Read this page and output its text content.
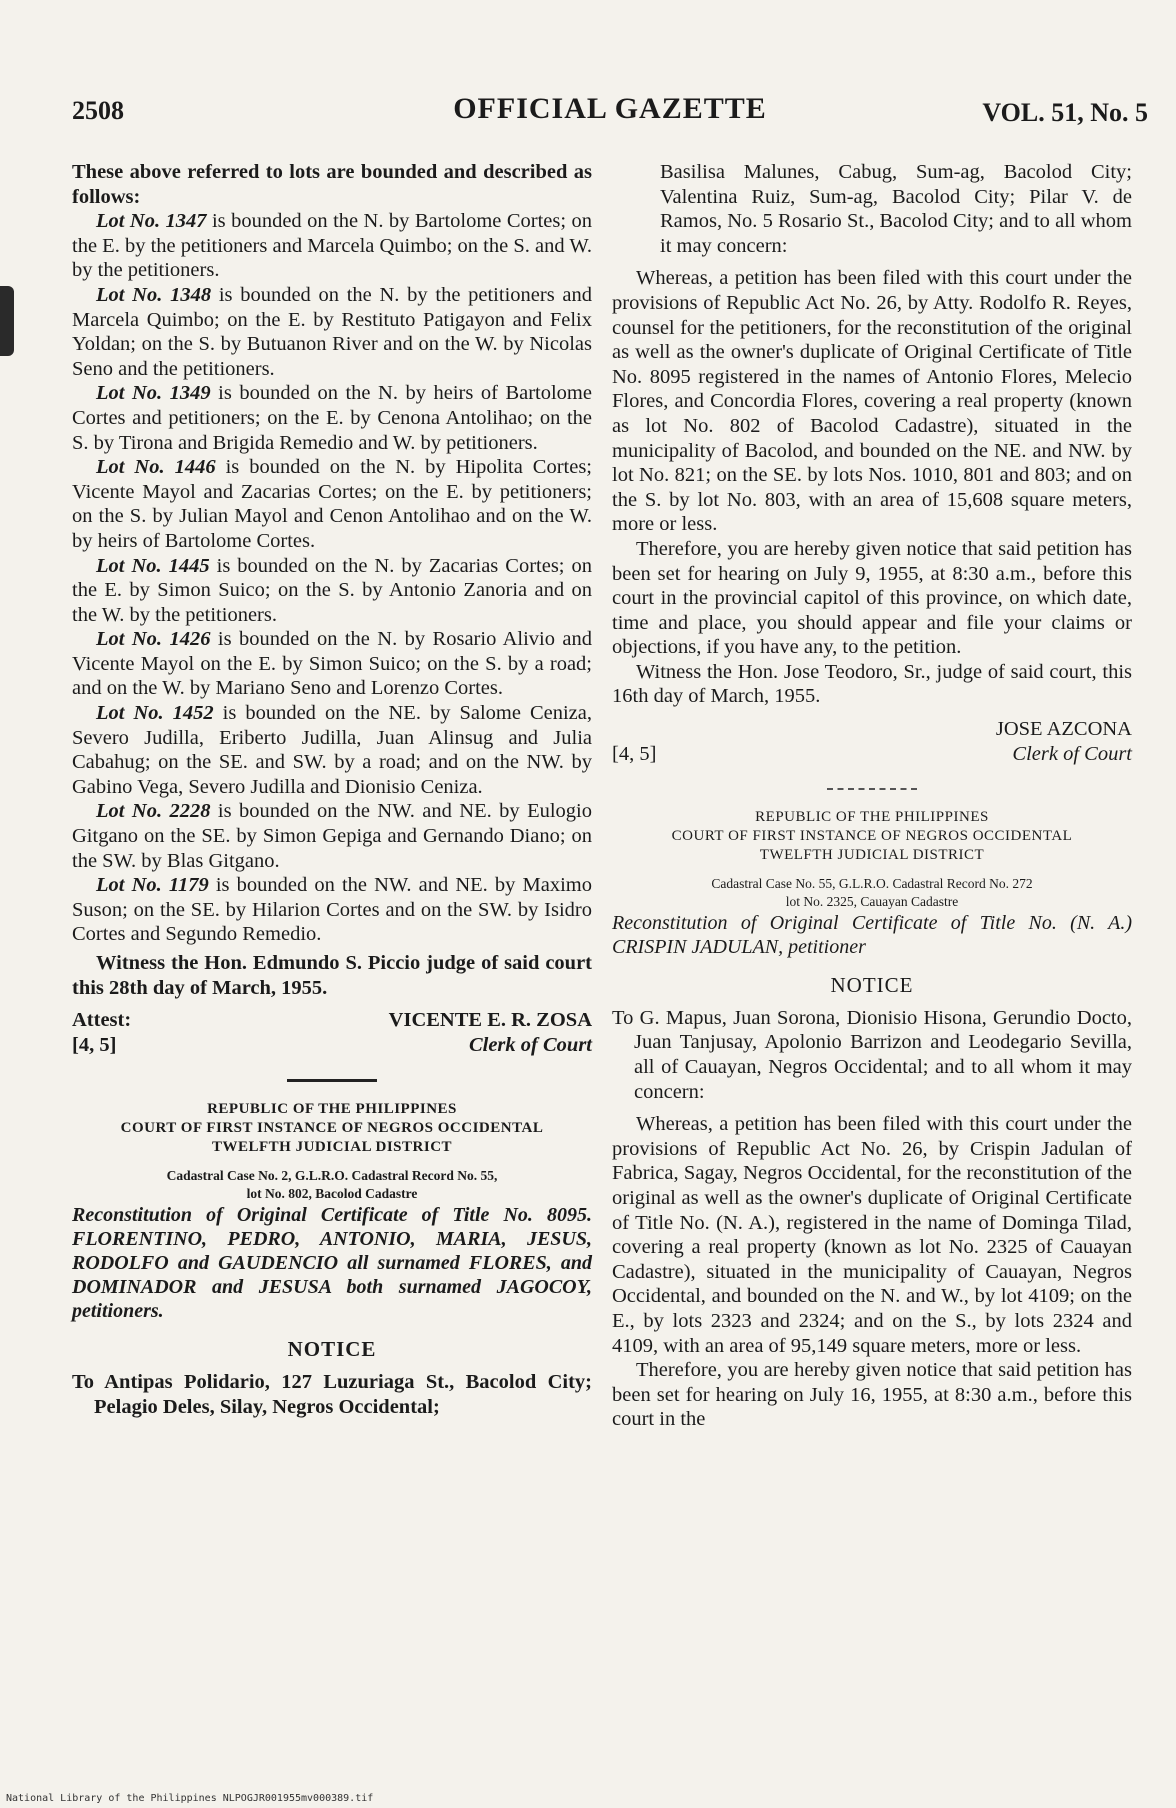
2508	OFFICIAL GAZETTE	VOL. 51, No. 5

These above referred to lots are bounded and described as follows:

Lot No. 1347 is bounded on the N. by Bartolome Cortes; on the E. by the petitioners and Marcela Quimbo; on the S. and W. by the petitioners.

Lot No. 1348 is bounded on the N. by the petitioners and Marcela Quimbo; on the E. by Restituto Patigayon and Felix Yoldan; on the S. by Butuanon River and on the W. by Nicolas Seno and the petitioners.

Lot No. 1349 is bounded on the N. by heirs of Bartolome Cortes and petitioners; on the E. by Cenona Antolihao; on the S. by Tirona and Brigida Remedio and W. by petitioners.

Lot No. 1446 is bounded on the N. by Hipolita Cortes; Vicente Mayol and Zacarias Cortes; on the E. by petitioners; on the S. by Julian Mayol and Cenon Antolihao and on the W. by heirs of Bartolome Cortes.

Lot No. 1445 is bounded on the N. by Zacarias Cortes; on the E. by Simon Suico; on the S. by Antonio Zanoria and on the W. by the petitioners.

Lot No. 1426 is bounded on the N. by Rosario Alivio and Vicente Mayol on the E. by Simon Suico; on the S. by a road; and on the W. by Mariano Seno and Lorenzo Cortes.

Lot No. 1452 is bounded on the NE. by Salome Ceniza, Severo Judilla, Eriberto Judilla, Juan Alinsug and Julia Cabahug; on the SE. and SW. by a road; and on the NW. by Gabino Vega, Severo Judilla and Dionisio Ceniza.

Lot No. 2228 is bounded on the NW. and NE. by Eulogio Gitgano on the SE. by Simon Gepiga and Gernando Diano; on the SW. by Blas Gitgano.

Lot No. 1179 is bounded on the NW. and NE. by Maximo Suson; on the SE. by Hilarion Cortes and on the SW. by Isidro Cortes and Segundo Remedio.

Witness the Hon. Edmundo S. Piccio judge of said court this 28th day of March, 1955.

Attest:
[4, 5]
VICENTE E. R. ZOSA
Clerk of Court
REPUBLIC OF THE PHILIPPINES
COURT OF FIRST INSTANCE OF NEGROS OCCIDENTAL
TWELFTH JUDICIAL DISTRICT
Cadastral Case No. 2, G.L.R.O. Cadastral Record No. 55,
lot No. 802, Bacolod Cadastre

Reconstitution of Original Certificate of Title No. 8095. FLORENTINO, PEDRO, ANTONIO, MARIA, JESUS, RODOLFO and GAUDENCIO all surnamed FLORES, and DOMINADOR and JESUSA both surnamed JAGOCOY, petitioners.

NOTICE

To Antipas Polidario, 127 Luzuriaga St., Bacolod City; Pelagio Deles, Silay, Negros Occidental;

Basilisa Malunes, Cabug, Sum-ag, Bacolod City; Valentina Ruiz, Sum-ag, Bacolod City; Pilar V. de Ramos, No. 5 Rosario St., Bacolod City; and to all whom it may concern:

Whereas, a petition has been filed with this court under the provisions of Republic Act No. 26, by Atty. Rodolfo R. Reyes, counsel for the petitioners, for the reconstitution of the original as well as the owner's duplicate of Original Certificate of Title No. 8095 registered in the names of Antonio Flores, Melecio Flores, and Concordia Flores, covering a real property (known as lot No. 802 of Bacolod Cadastre), situated in the municipality of Bacolod, and bounded on the NE. and NW. by lot No. 821; on the SE. by lots Nos. 1010, 801 and 803; and on the S. by lot No. 803, with an area of 15,608 square meters, more or less.

Therefore, you are hereby given notice that said petition has been set for hearing on July 9, 1955, at 8:30 a.m., before this court in the provincial capitol of this province, on which date, time and place, you should appear and file your claims or objections, if you have any, to the petition.

Witness the Hon. Jose Teodoro, Sr., judge of said court, this 16th day of March, 1955.

[4, 5]
JOSE AZCONA
Clerk of Court
REPUBLIC OF THE PHILIPPINES
COURT OF FIRST INSTANCE OF NEGROS OCCIDENTAL
TWELFTH JUDICIAL DISTRICT
Cadastral Case No. 55, G.L.R.O. Cadastral Record No. 272
lot No. 2325, Cauayan Cadastre

Reconstitution of Original Certificate of Title No. (N. A.) CRISPIN JADULAN, petitioner

NOTICE

To G. Mapus, Juan Sorona, Dionisio Hisona, Gerundio Docto, Juan Tanjusay, Apolonio Barrizon and Leodegario Sevilla, all of Cauayan, Negros Occidental; and to all whom it may concern:

Whereas, a petition has been filed with this court under the provisions of Republic Act No. 26, by Crispin Jadulan of Fabrica, Sagay, Negros Occidental, for the reconstitution of the original as well as the owner's duplicate of Original Certificate of Title No. (N. A.), registered in the name of Dominga Tilad, covering a real property (known as lot No. 2325 of Cauayan Cadastre), situated in the municipality of Cauayan, Negros Occidental, and bounded on the N. and W., by lot 4109; on the E., by lots 2323 and 2324; and on the S., by lots 2324 and 4109, with an area of 95,149 square meters, more or less.

Therefore, you are hereby given notice that said petition has been set for hearing on July 16, 1955, at 8:30 a.m., before this court in the

National Library of the Philippines NLPOGJR001955mv000389.tif
